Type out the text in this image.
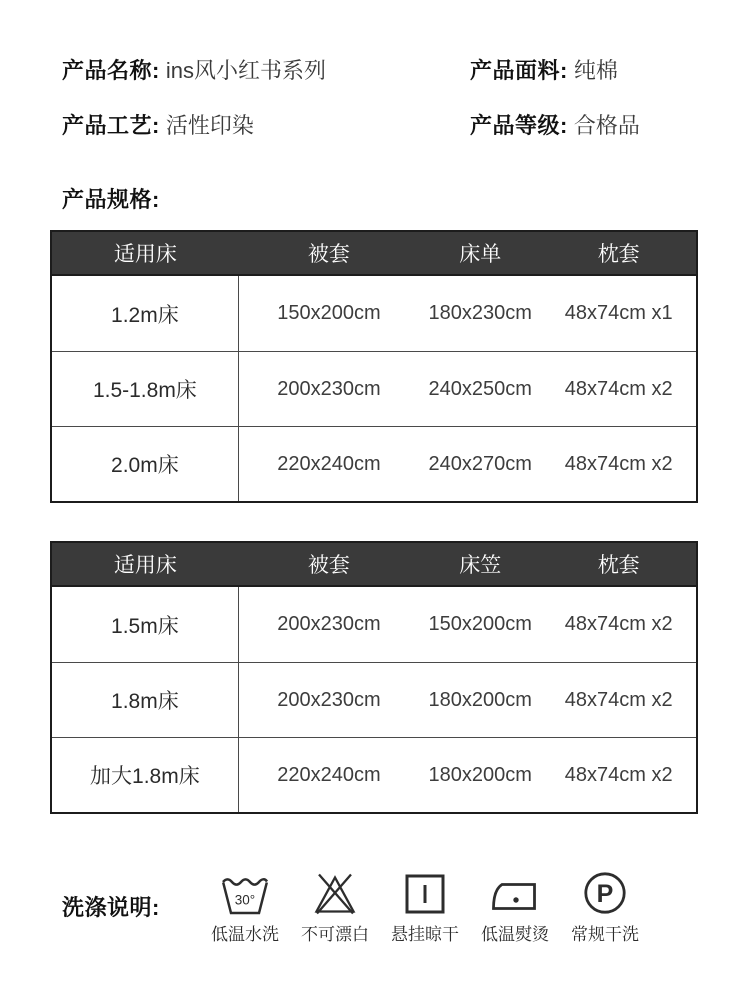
产品名称: ins风小红书系列	产品面料: 纯棉
产品工艺: 活性印染	产品等级: 合格品
产品规格:
适用床	被套	床单	枕套
1.2m床	150x200cm	180x230cm	48x74cm x1
1.5-1.8m床	200x230cm	240x250cm	48x74cm x2
2.0m床	220x240cm	240x270cm	48x74cm x2
适用床	被套	床笠	枕套
1.5m床	200x230cm	150x200cm	48x74cm x2
1.8m床	200x230cm	180x200cm	48x74cm x2
加大1.8m床	220x240cm	180x200cm	48x74cm x2
洗涤说明:	30°
低温水洗 不可漂白 悬挂晾干 低温熨烫
P
常规干洗
